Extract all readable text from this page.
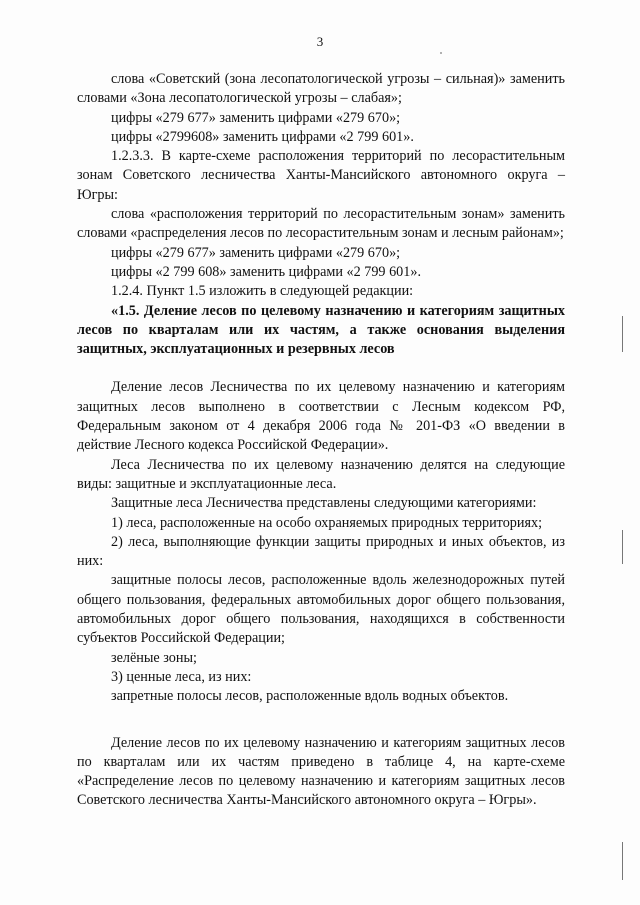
3

слова «Советский (зона лесопатологической угрозы – сильная)» заменить словами «Зона лесопатологической угрозы – слабая»;

цифры «279 677» заменить цифрами «279 670»;

цифры «2799608» заменить цифрами «2 799 601».

1.2.3.3. В карте-схеме расположения территорий по лесорастительным зонам Советского лесничества Ханты-Мансийского автономного округа – Югры:

слова «расположения территорий по лесорастительным зонам» заменить словами «распределения лесов по лесорастительным зонам и лесным районам»;

цифры «279 677» заменить цифрами «279 670»;

цифры «2 799 608» заменить цифрами «2 799 601».

1.2.4. Пункт 1.5 изложить в следующей редакции:

«1.5. Деление лесов по целевому назначению и категориям защитных лесов по кварталам или их частям, а также основания выделения защитных, эксплуатационных и резервных лесов

Деление лесов Лесничества по их целевому назначению и категориям защитных лесов выполнено в соответствии с Лесным кодексом РФ, Федеральным законом от 4 декабря 2006 года № 201-ФЗ «О введении в действие Лесного кодекса Российской Федерации».

Леса Лесничества по их целевому назначению делятся на следующие виды: защитные и эксплуатационные леса.

Защитные леса Лесничества представлены следующими категориями:

1) леса, расположенные на особо охраняемых природных территориях;

2) леса, выполняющие функции защиты природных и иных объектов, из них:

защитные полосы лесов, расположенные вдоль железнодорожных путей общего пользования, федеральных автомобильных дорог общего пользования, автомобильных дорог общего пользования, находящихся в собственности субъектов Российской Федерации;

зелёные зоны;

3) ценные леса, из них:

запретные полосы лесов, расположенные вдоль водных объектов.

Деление лесов по их целевому назначению и категориям защитных лесов по кварталам или их частям приведено в таблице 4, на карте-схеме «Распределение лесов по целевому назначению и категориям защитных лесов Советского лесничества Ханты-Мансийского автономного округа – Югры».
